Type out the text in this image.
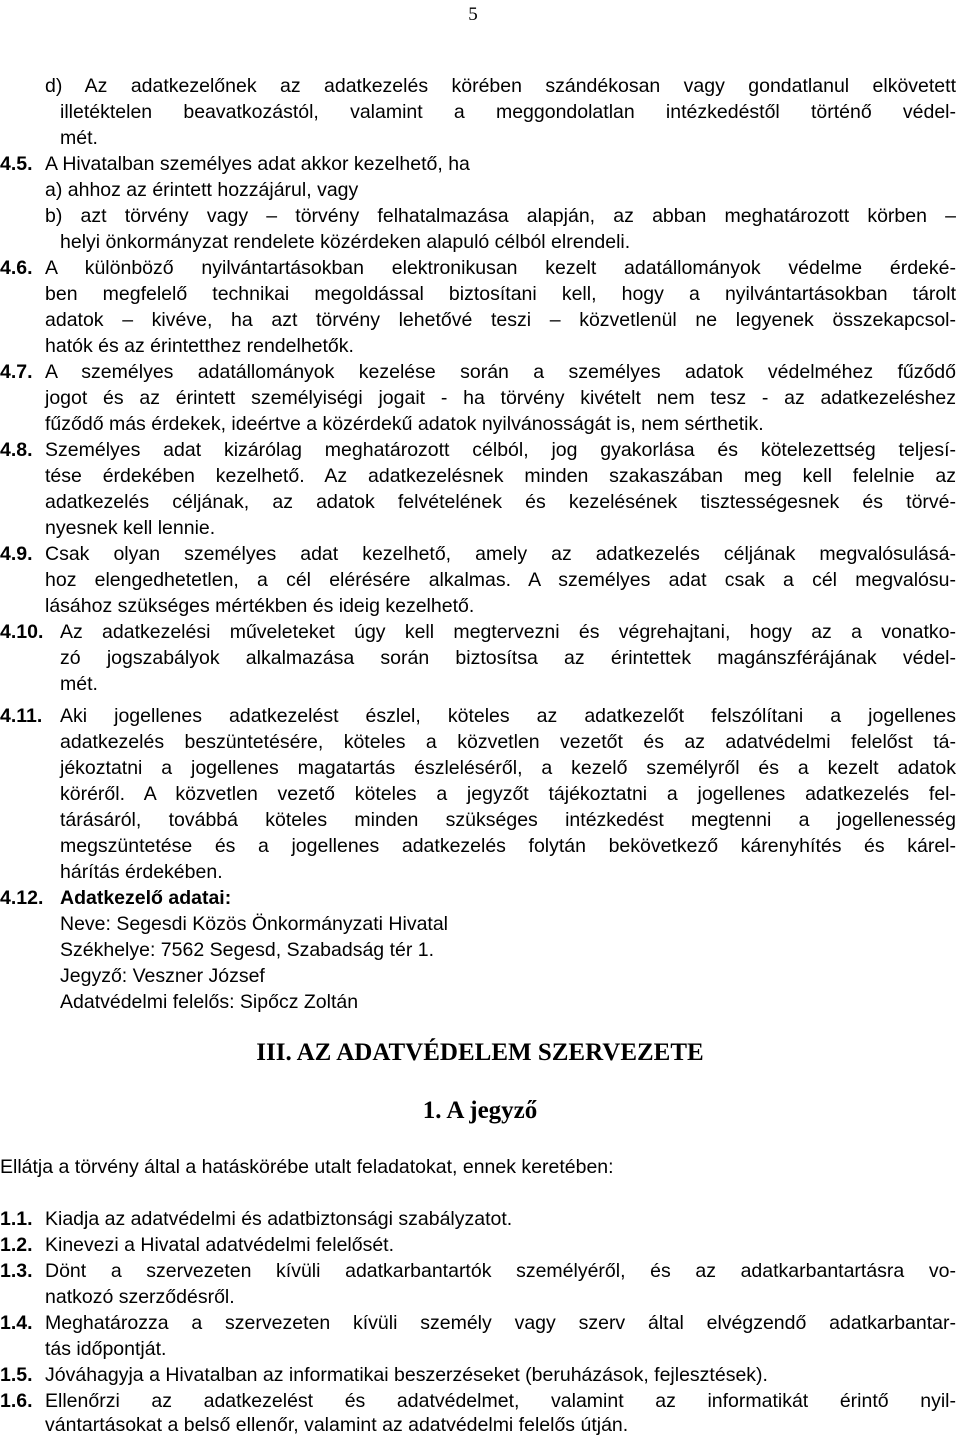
5
d) Az adatkezelőnek az adatkezelés körében szándékosan vagy gondatlanul elkövetett
illetéktelen beavatkozástól, valamint a meggondolatlan intézkedéstől történő védel-
mét.
4.5. A Hivatalban személyes adat akkor kezelhető, ha
a) ahhoz az érintett hozzájárul, vagy
b) azt törvény vagy – törvény felhatalmazása alapján, az abban meghatározott körben –
helyi önkormányzat rendelete közérdeken alapuló célból elrendeli.
4.6. A különböző nyilvántartásokban elektronikusan kezelt adatállományok védelme érdeké-
ben megfelelő technikai megoldással biztosítani kell, hogy a nyilvántartásokban tárolt
adatok – kivéve, ha azt törvény lehetővé teszi – közvetlenül ne legyenek összekapcsol-
hatók és az érintetthez rendelhetők.
4.7. A személyes adatállományok kezelése során a személyes adatok védelméhez fűződő
jogot és az érintett személyiségi jogait - ha törvény kivételt nem tesz - az adatkezeléshez
fűződő más érdekek, ideértve a közérdekű adatok nyilvánosságát is, nem sérthetik.
4.8. Személyes adat kizárólag meghatározott célból, jog gyakorlása és kötelezettség teljesí-
tése érdekében kezelhető. Az adatkezelésnek minden szakaszában meg kell felelnie az
adatkezelés céljának, az adatok felvételének és kezelésének tisztességesnek és törvé-
nyesnek kell lennie.
4.9. Csak olyan személyes adat kezelhető, amely az adatkezelés céljának megvalósulásá-
hoz elengedhetetlen, a cél elérésére alkalmas. A személyes adat csak a cél megvalósu-
lásához szükséges mértékben és ideig kezelhető.
4.10. Az adatkezelési műveleteket úgy kell megtervezni és végrehajtani, hogy az a vonatko-
zó jogszabályok alkalmazása során biztosítsa az érintettek magánszférájának védel-
mét.
4.11. Aki jogellenes adatkezelést észlel, köteles az adatkezelőt felszólítani a jogellenes
adatkezelés beszüntetésére, köteles a közvetlen vezetőt és az adatvédelmi felelőst tá-
jékoztatni a jogellenes magatartás észleléséről, a kezelő személyről és a kezelt adatok
köréről. A közvetlen vezető köteles a jegyzőt tájékoztatni a jogellenes adatkezelés fel-
tárásáról, továbbá köteles minden szükséges intézkedést megtenni a jogellenesség
megszüntetése és a jogellenes adatkezelés folytán bekövetkező kárenyhítés és kárel-
hárítás érdekében.
4.12. Adatkezelő adatai:
Neve: Segesdi Közös Önkormányzati Hivatal
Székhelye: 7562 Segesd, Szabadság tér 1.
Jegyző: Veszner József
Adatvédelmi felelős: Sipőcz Zoltán
III. AZ ADATVÉDELEM SZERVEZETE
1. A jegyző
Ellátja a törvény által a hatáskörébe utalt feladatokat, ennek keretében:
1.1. Kiadja az adatvédelmi és adatbiztonsági szabályzatot.
1.2. Kinevezi a Hivatal adatvédelmi felelősét.
1.3. Dönt a szervezeten kívüli adatkarbantartók személyéről, és az adatkarbantartásra vo-
natkozó szerződésről.
1.4. Meghatározza a szervezeten kívüli személy vagy szerv által elvégzendő adatkarbantar-
tás időpontját.
1.5. Jóváhagyja a Hivatalban az informatikai beszerzéseket (beruházások, fejlesztések).
1.6. Ellenőrzi az adatkezelést és adatvédelmet, valamint az informatikát érintő nyil-
vántartásokat a belső ellenőr, valamint az adatvédelmi felelős útján.
